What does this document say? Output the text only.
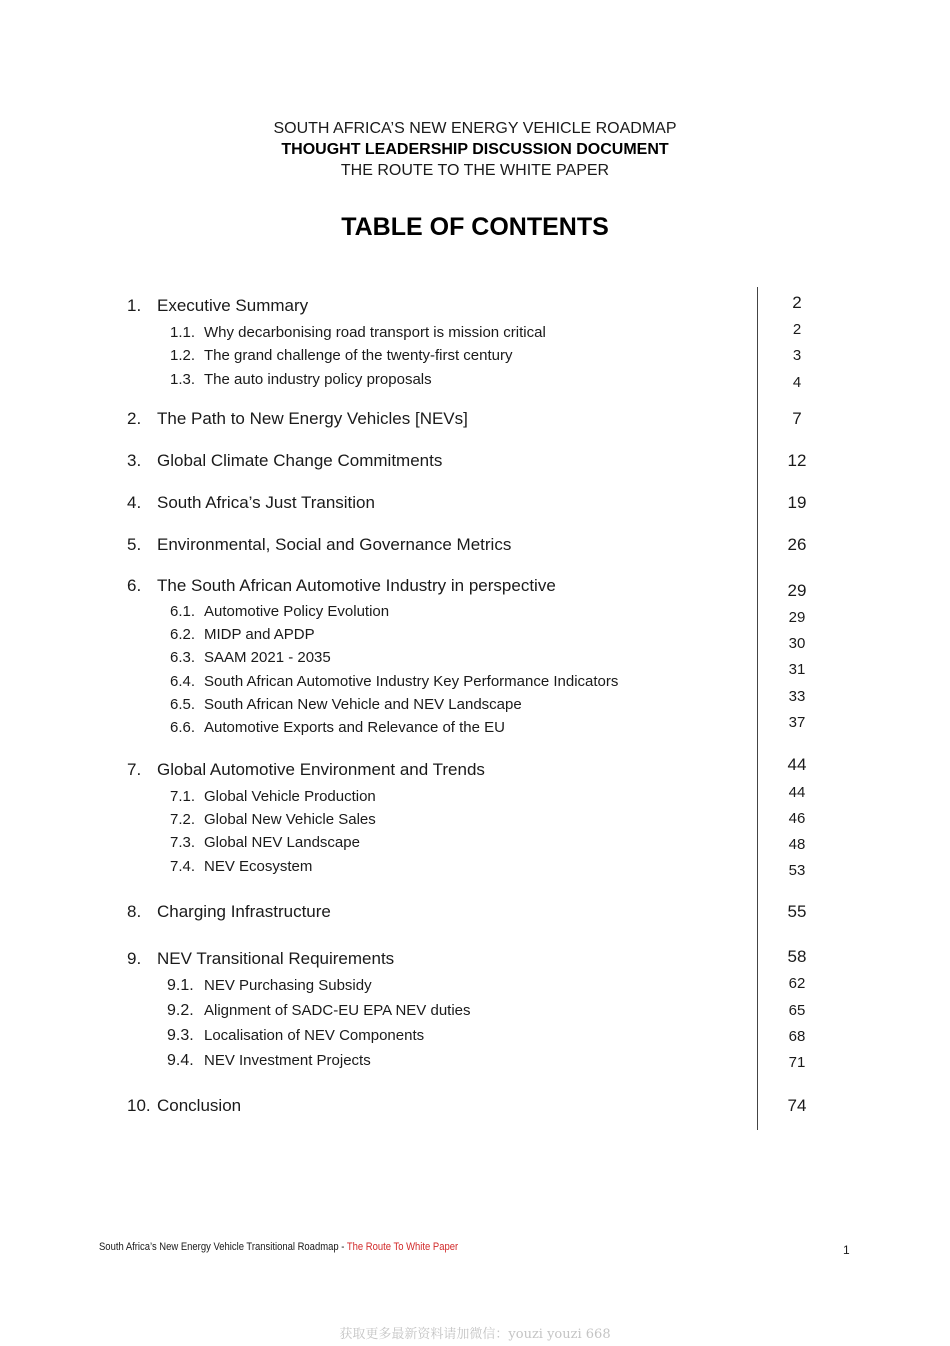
SOUTH AFRICA’S NEW ENERGY VEHICLE ROADMAP
THOUGHT LEADERSHIP DISCUSSION DOCUMENT
THE ROUTE TO THE WHITE PAPER
TABLE OF CONTENTS
1. Executive Summary
1.1. Why decarbonising road transport is mission critical
1.2. The grand challenge of the twenty-first century
1.3. The auto industry policy proposals
2. The Path to New Energy Vehicles [NEVs]
3. Global Climate Change Commitments
4. South Africa’s Just Transition
5. Environmental, Social and Governance Metrics
6. The South African Automotive Industry in perspective
6.1. Automotive Policy Evolution
6.2. MIDP and APDP
6.3. SAAM 2021 - 2035
6.4. South African Automotive Industry Key Performance Indicators
6.5. South African New Vehicle and NEV Landscape
6.6. Automotive Exports and Relevance of the EU
7. Global Automotive Environment and Trends
7.1. Global Vehicle Production
7.2. Global New Vehicle Sales
7.3. Global NEV Landscape
7.4. NEV Ecosystem
8. Charging Infrastructure
9. NEV Transitional Requirements
9.1. NEV Purchasing Subsidy
9.2. Alignment of SADC-EU EPA NEV duties
9.3. Localisation of NEV Components
9.4. NEV Investment Projects
10. Conclusion
2
2
3
4
7
12
19
26
29
29
30
31
33
37
44
44
46
48
53
55
58
62
65
68
71
74
South Africa’s New Energy Vehicle Transitional Roadmap - The Route To White Paper	1
获取更多最新资料请加微信：youzi youzi 668
